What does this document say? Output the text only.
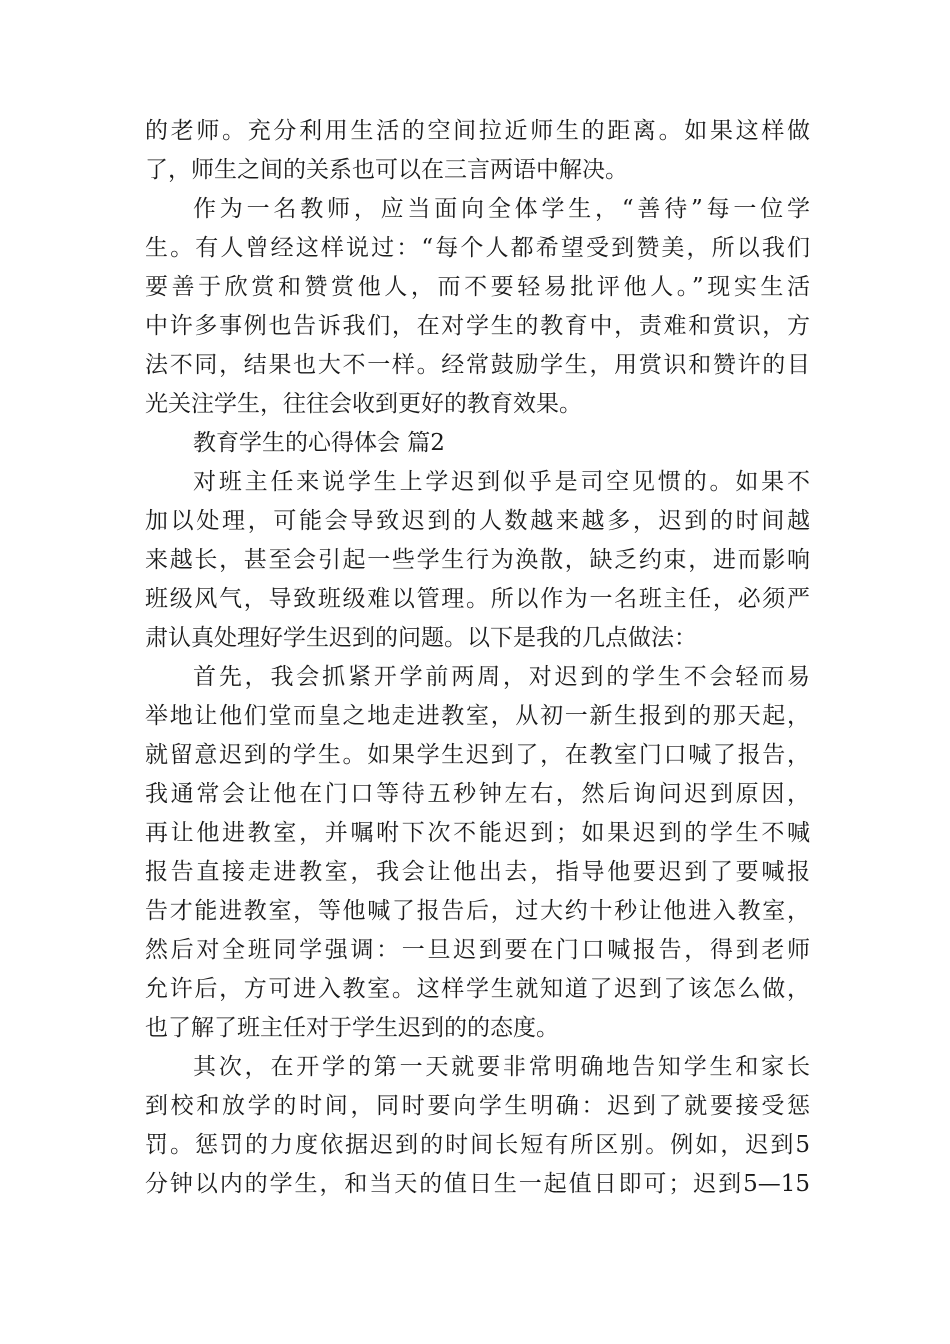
的老师。充分利用生活的空间拉近师生的距离。如果这样做
了，师生之间的关系也可以在三言两语中解决。
作为一名教师，应当面向全体学生，“善待”每一位学
生。有人曾经这样说过：“每个人都希望受到赞美，所以我们
要善于欣赏和赞赏他人，而不要轻易批评他人。”现实生活
中许多事例也告诉我们，在对学生的教育中，责难和赏识，方
法不同，结果也大不一样。经常鼓励学生，用赏识和赞许的目
光关注学生，往往会收到更好的教育效果。
教育学生的心得体会 篇2
对班主任来说学生上学迟到似乎是司空见惯的。如果不
加以处理，可能会导致迟到的人数越来越多，迟到的时间越
来越长，甚至会引起一些学生行为涣散，缺乏约束，进而影响
班级风气，导致班级难以管理。所以作为一名班主任，必须严
肃认真处理好学生迟到的问题。以下是我的几点做法：
首先，我会抓紧开学前两周，对迟到的学生不会轻而易
举地让他们堂而皇之地走进教室，从初一新生报到的那天起，
就留意迟到的学生。如果学生迟到了，在教室门口喊了报告，
我通常会让他在门口等待五秒钟左右，然后询问迟到原因，
再让他进教室，并嘱咐下次不能迟到；如果迟到的学生不喊
报告直接走进教室，我会让他出去，指导他要迟到了要喊报
告才能进教室，等他喊了报告后，过大约十秒让他进入教室，
然后对全班同学强调：一旦迟到要在门口喊报告，得到老师
允许后，方可进入教室。这样学生就知道了迟到了该怎么做，
也了解了班主任对于学生迟到的的态度。
其次，在开学的第一天就要非常明确地告知学生和家长
到校和放学的时间，同时要向学生明确：迟到了就要接受惩
罚。惩罚的力度依据迟到的时间长短有所区别。例如，迟到5
分钟以内的学生，和当天的值日生一起值日即可；迟到5—15
